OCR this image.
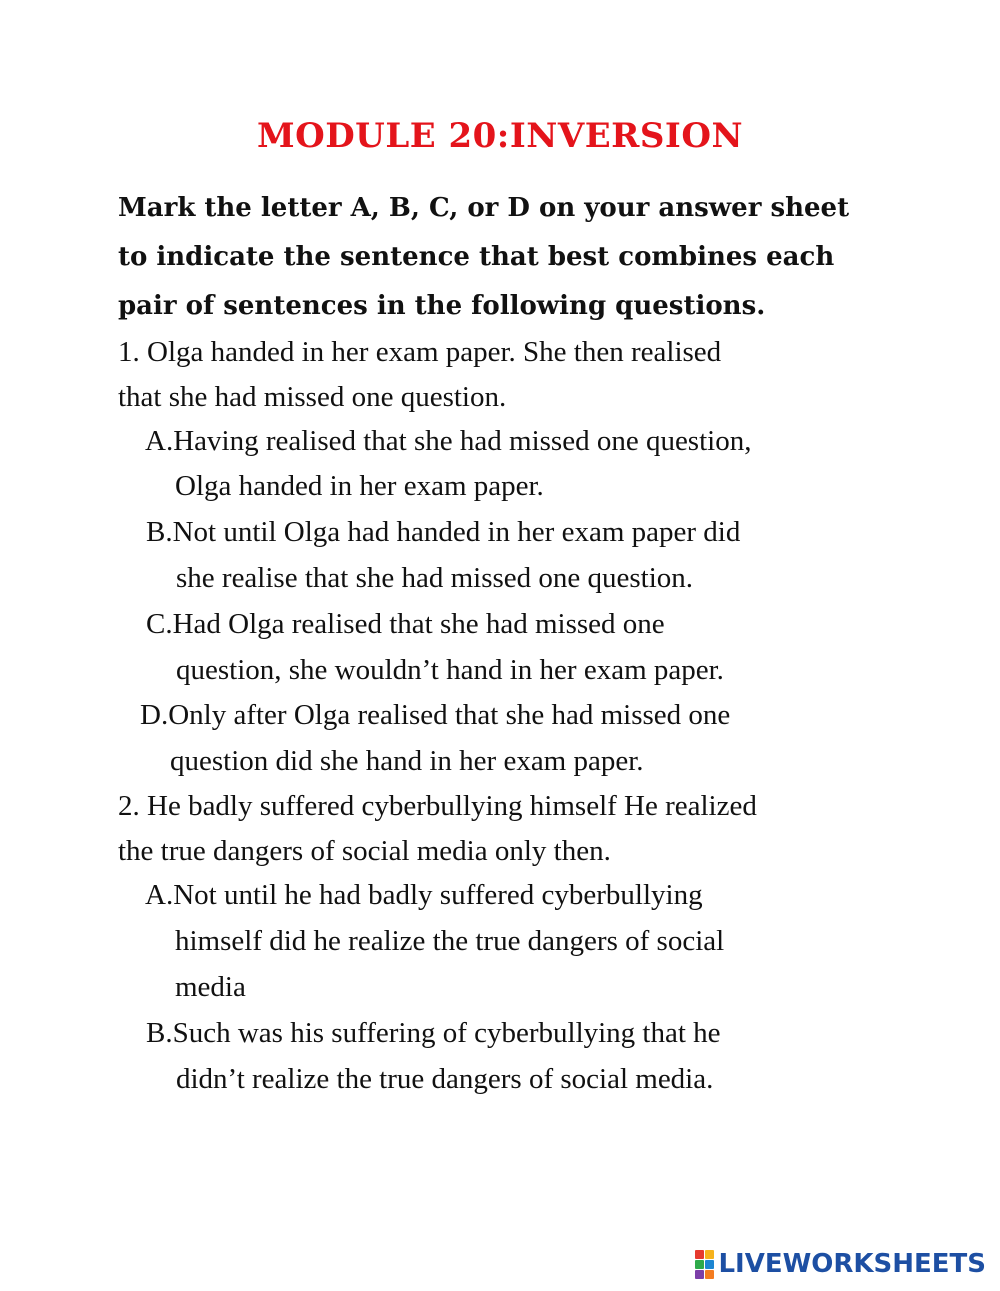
MODULE 20:INVERSION

Mark the letter A, B, C, or D on your answer sheet to indicate the sentence that best combines each pair of sentences in the following questions.

1. Olga handed in her exam paper. She then realised
that she had missed one question.
A.Having realised that she had missed one question,
Olga handed in her exam paper.
B.Not until Olga had handed in her exam paper did
she realise that she had missed one question.
C.Had Olga realised that she had missed one
question, she wouldn’t hand in her exam paper.
D.Only after Olga realised that she had missed one
question did she hand in her exam paper.
2. He badly suffered cyberbullying himself He realized
the true dangers of social media only then.
A.Not until he had badly suffered cyberbullying
himself did he realize the true dangers of social
media
B.Such was his suffering of cyberbullying that he
didn’t realize the true dangers of social media.
LIVEWORKSHEETS
